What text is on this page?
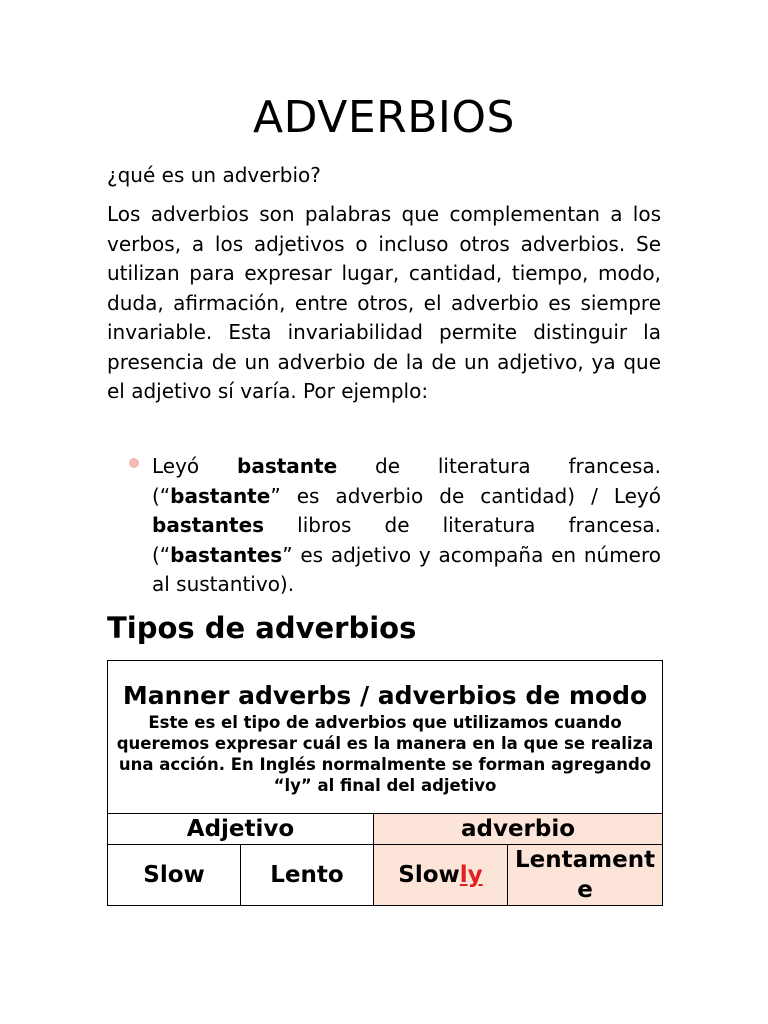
ADVERBIOS
¿qué es un adverbio?

Los adverbios son palabras que complementan a los verbos, a los adjetivos o incluso otros adverbios. Se utilizan para expresar lugar, cantidad, tiempo, modo, duda, afirmación, entre otros, el adverbio es siempre invariable. Esta invariabilidad permite distinguir la presencia de un adverbio de la de un adjetivo, ya que el adjetivo sí varía. Por ejemplo:

Leyó bastante de literatura francesa. (“bastante” es adverbio de cantidad) / Leyó bastantes libros de literatura francesa. (“bastantes” es adjetivo y acompaña en número al sustantivo).
Tipos de adverbios
Manner adverbs / adverbios de modo
Este es el tipo de adverbios que utilizamos cuando queremos expresar cuál es la manera en la que se realiza una acción. En Inglés normalmente se forman agregando “ly” al final del adjetivo			

Adjetivo		adverbio	
Slow	Lento	Slowly	Lentamente
